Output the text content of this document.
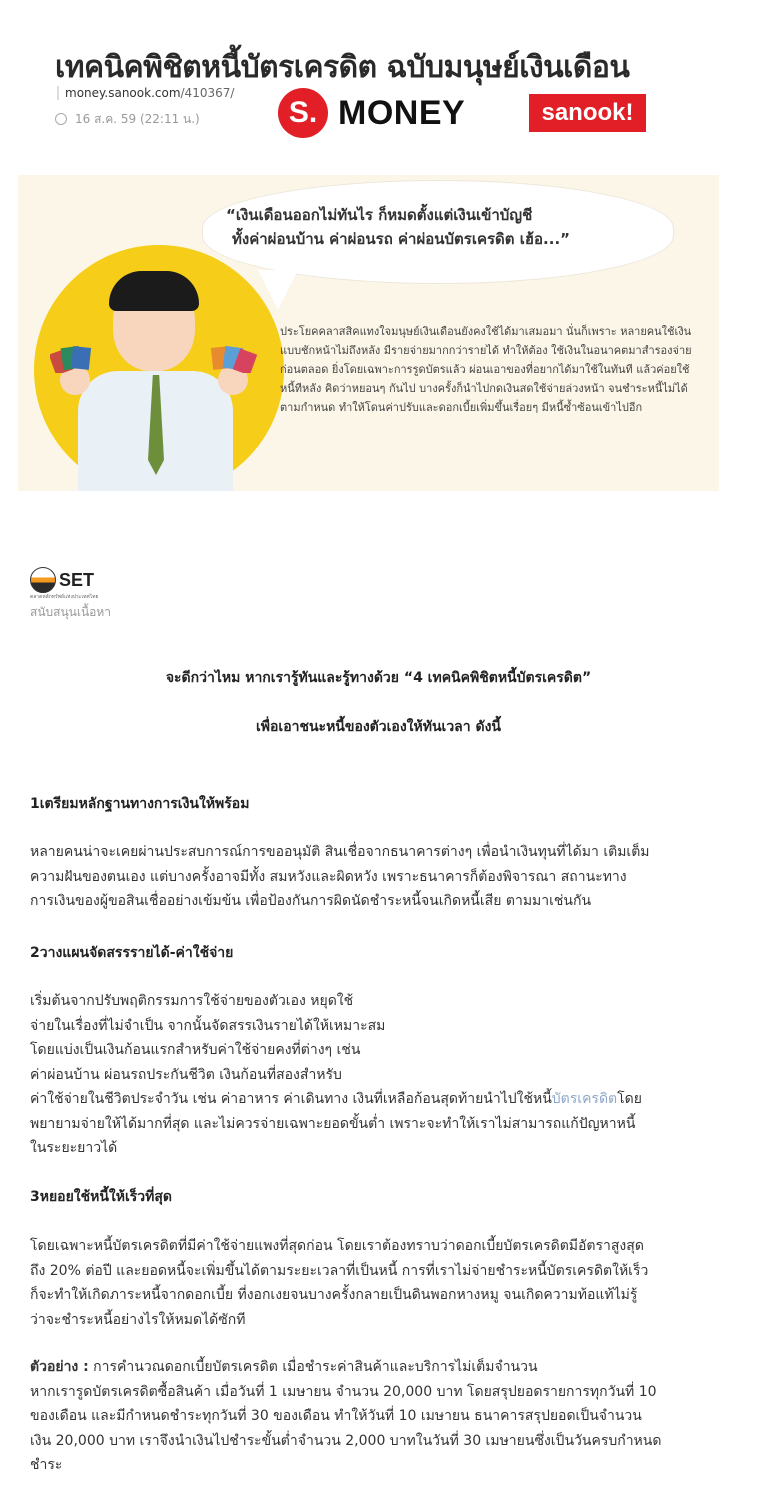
เทคนิคพิชิตหนี้บัตรเครดิต ฉบับมนุษย์เงินเดือน
money.sanook.com/410367/
16 ส.ค. 59 (22:11 น.)	S. MONEY	sanook!
“เงินเดือนออกไม่ทันไร ก็หมดตั้งแต่เงินเข้าบัญชี
ทั้งค่าผ่อนบ้าน ค่าผ่อนรถ ค่าผ่อนบัตรเครดิต เฮ้อ...”
ประโยคคลาสสิคแทงใจมนุษย์เงินเดือนยังคงใช้ได้มาเสมอมา นั่นก็เพราะ หลายคนใช้เงินแบบชักหน้าไม่ถึงหลัง มีรายจ่ายมากกว่ารายได้ ทำให้ต้อง ใช้เงินในอนาคตมาสำรองจ่ายก่อนตลอด ยิ่งโดยเฉพาะการรูดบัตรแล้ว ผ่อนเอาของที่อยากได้มาใช้ในทันที แล้วค่อยใช้หนี้ทีหลัง คิดว่าหยอนๆ กันไป บางครั้งก็นำไปกดเงินสดใช้จ่ายล่วงหน้า จนชำระหนี้ไม่ได้ ตามกำหนด ทำให้โดนค่าปรับและดอกเบี้ยเพิ่มขึ้นเรื่อยๆ มีหนี้ซ้ำซ้อนเข้าไปอีก
SET
ตลาดหลักทรัพย์แห่งประเทศไทย
สนับสนุนเนื้อหา
จะดีกว่าไหม หากเรารู้ทันและรู้ทางด้วย “4 เทคนิคพิชิตหนี้บัตรเครดิต”
เพื่อเอาชนะหนี้ของตัวเองให้ทันเวลา ดังนี้
1เตรียมหลักฐานทางการเงินให้พร้อม
หลายคนน่าจะเคยผ่านประสบการณ์การขออนุมัติ สินเชื่อจากธนาคารต่างๆ เพื่อนำเงินทุนที่ได้มา เติมเต็ม
ความฝันของตนเอง แต่บางครั้งอาจมีทั้ง สมหวังและผิดหวัง เพราะธนาคารก็ต้องพิจารณา สถานะทาง
การเงินของผู้ขอสินเชื่ออย่างเข้มข้น เพื่อป้องกันการผิดนัดชำระหนี้จนเกิดหนี้เสีย ตามมาเช่นกัน
2วางแผนจัดสรรรายได้-ค่าใช้จ่าย
เริ่มต้นจากปรับพฤติกรรมการใช้จ่ายของตัวเอง หยุดใช้
จ่ายในเรื่องที่ไม่จำเป็น จากนั้นจัดสรรเงินรายได้ให้เหมาะสม
โดยแบ่งเป็นเงินก้อนแรกสำหรับค่าใช้จ่ายคงที่ต่างๆ เช่น
ค่าผ่อนบ้าน ผ่อนรถประกันชีวิต เงินก้อนที่สองสำหรับ
ค่าใช้จ่ายในชีวิตประจำวัน เช่น ค่าอาหาร ค่าเดินทาง เงินที่เหลือก้อนสุดท้ายนำไปใช้หนี้บัตรเครดิตโดย
พยายามจ่ายให้ได้มากที่สุด และไม่ควรจ่ายเฉพาะยอดขั้นต่ำ เพราะจะทำให้เราไม่สามารถแก้ปัญหาหนี้
ในระยะยาวได้
3หยอยใช้หนี้ให้เร็วที่สุด
โดยเฉพาะหนี้บัตรเครดิตที่มีค่าใช้จ่ายแพงที่สุดก่อน โดยเราต้องทราบว่าดอกเบี้ยบัตรเครดิตมีอัตราสูงสุด
ถึง 20% ต่อปี และยอดหนี้จะเพิ่มขึ้นได้ตามระยะเวลาที่เป็นหนี้ การที่เราไม่จ่ายชำระหนี้บัตรเครดิตให้เร็ว
ก็จะทำให้เกิดภาระหนี้จากดอกเบี้ย ที่งอกเงยจนบางครั้งกลายเป็นดินพอกหางหมู จนเกิดความท้อแท้ไม่รู้
ว่าจะชำระหนี้อย่างไรให้หมดได้ซักที
ตัวอย่าง : การคำนวณดอกเบี้ยบัตรเครดิต เมื่อชำระค่าสินค้าและบริการไม่เต็มจำนวน
หากเรารูดบัตรเครดิตซื้อสินค้า เมื่อวันที่ 1 เมษายน จำนวน 20,000 บาท โดยสรุปยอดรายการทุกวันที่ 10
ของเดือน และมีกำหนดชำระทุกวันที่ 30 ของเดือน ทำให้วันที่ 10 เมษายน ธนาคารสรุปยอดเป็นจำนวน
เงิน 20,000 บาท เราจึงนำเงินไปชำระขั้นต่ำจำนวน 2,000 บาทในวันที่ 30 เมษายนซึ่งเป็นวันครบกำหนด
ชำระ
